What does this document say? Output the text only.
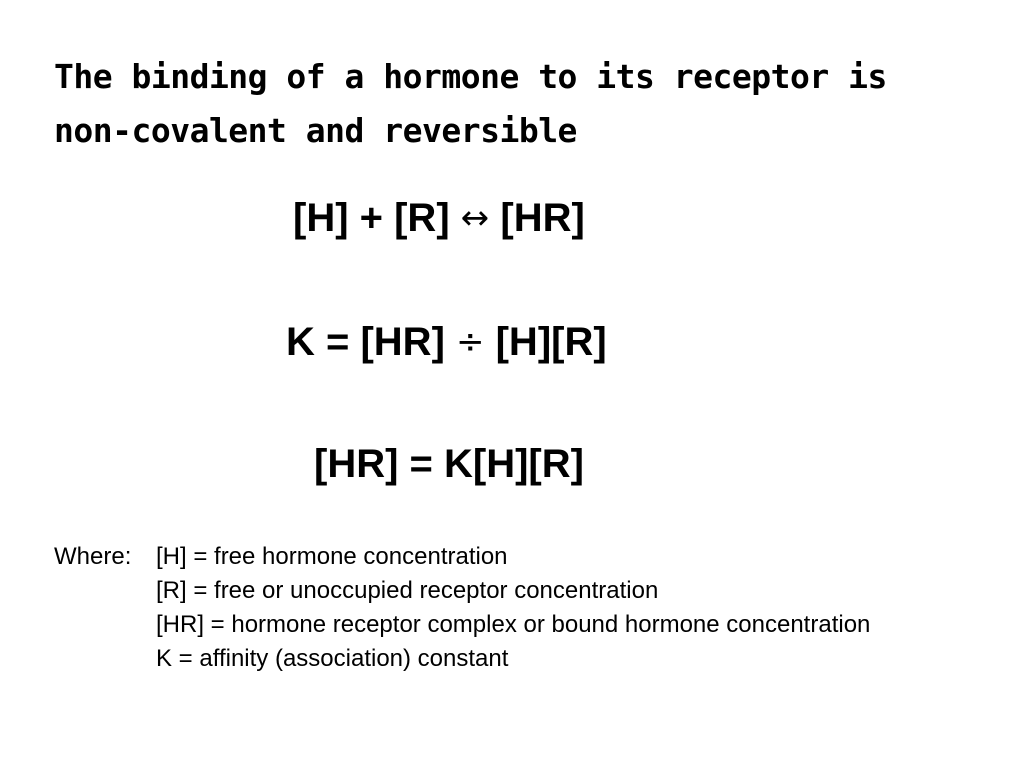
The binding of a hormone to its receptor is
non-covalent and reversible
[H] + [R] ↔ [HR]
K = [HR] ÷ [H][R]
[HR] = K[H][R]
Where:	[H] = free hormone concentration
[R] = free or unoccupied receptor concentration
[HR] = hormone receptor complex or bound hormone concentration
K = affinity (association) constant
